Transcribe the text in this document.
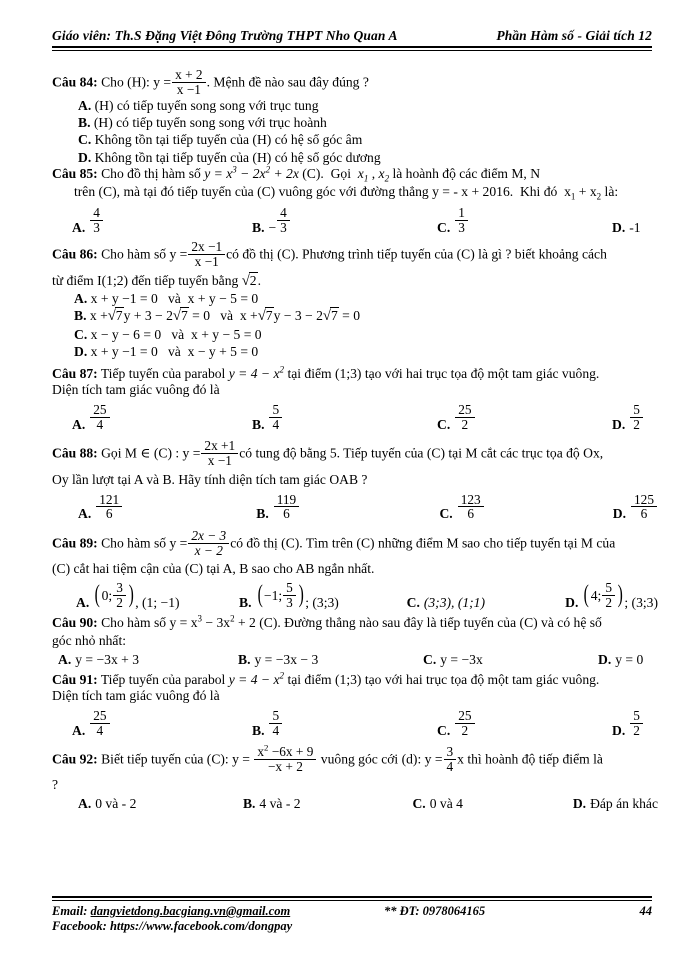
Giáo viên: Th.S Đặng Việt Đông Trường THPT Nho Quan A	Phần Hàm số - Giải tích 12
Câu 84: Cho (H): $y = \frac{x + 2}{x -1}$ . Mệnh đề nào sau đây đúng ?
A. (H) có tiếp tuyến song song với trục tung
B. (H) có tiếp tuyến song song với trục hoành
C. Không tồn tại tiếp tuyến của (H) có hệ số góc âm
D. Không tồn tại tiếp tuyến của (H) có hệ số góc dương
Câu 85: Cho đồ thị hàm số $y = x^3 - 2x^2 + 2x$ (C).  Gọi  $x_1$ , $x_2$ là hoành độ các điểm M, N
trên (C), mà tại đó tiếp tuyến của (C) vuông góc với đường thẳng y = - x + 2016.  Khi đó  $x_1 + x_2$ là:
A. $\frac{4}{3}$	B. − $\frac{4}{3}$	C. $\frac{1}{3}$	D. -1
Câu 86: Cho hàm số $y = \frac{2x -1}{x -1}$ có đồ thị (C). Phương trình tiếp tuyến của (C) là gì ? biết khoảng cách
từ điểm I(1;2) đến tiếp tuyến bằng √2.
A. x + y −1 = 0   và  x + y − 5 = 0
B. x +√7y + 3 − 2√7 = 0   và  x +√7y − 3 − 2√7 = 0
C. x − y − 6 = 0   và  x + y − 5 = 0
D. x + y −1 = 0   và  x − y + 5 = 0
Câu 87: Tiếp tuyến của parabol $y = 4 - x^2$ tại điểm (1;3) tạo với hai trục tọa độ một tam giác vuông.
Diện tích tam giác vuông đó là
A. $\frac{25}{4}$	B. $\frac{5}{4}$	C. $\frac{25}{2}$	D. $\frac{5}{2}$
Câu 88: Gọi M ∈ (C) : $y = \frac{2x +1}{x -1}$ có tung độ bằng 5. Tiếp tuyến của (C) tại M cắt các trục tọa độ Ox,
Oy lần lượt tại A và B. Hãy tính diện tích tam giác OAB ?
A. $\frac{121}{6}$	B. $\frac{119}{6}$	C. $\frac{123}{6}$	D. $\frac{125}{6}$
Câu 89: Cho hàm số $y = \frac{2x - 3}{x - 2}$ có đồ thị (C). Tìm trên (C) những điểm M sao cho tiếp tuyến tại M của
(C) cắt hai tiệm cận của (C) tại A, B sao cho AB ngắn nhất.
A. ( 0; $\frac{3}{2}$ ) , (1; −1)	B. ( −1; $\frac{5}{3}$ ) ; (3;3)	C. (3;3), (1;1)	D. ( 4; $\frac{5}{2}$ ) ; (3;3)
Câu 90: Cho hàm số $y = x^3 - 3x^2 + 2$ (C). Đường thẳng nào sau đây là tiếp tuyến của (C) và có hệ số
góc nhỏ nhất:
A. y = −3x + 3	B. y = −3x − 3	C. y = −3x	D. y = 0
Câu 91: Tiếp tuyến của parabol $y = 4 - x^2$ tại điểm (1;3) tạo với hai trục tọa độ một tam giác vuông.
Diện tích tam giác vuông đó là
A. $\frac{25}{4}$	B. $\frac{5}{4}$	C. $\frac{25}{2}$	D. $\frac{5}{2}$
Câu 92: Biết tiếp tuyến của (C): $y = \frac{x^2 -6x + 9}{-x + 2}$ vuông góc cới (d): $y = \frac{3}{4}$ x thì hoành độ tiếp điểm là
?
A. 0 và - 2	B. 4 và - 2	C. 0 và 4	D. Đáp án khác
Email: dangvietdong.bacgiang.vn@gmail.com	** ĐT: 0978064165	44
Facebook: https://www.facebook.com/dongpay
